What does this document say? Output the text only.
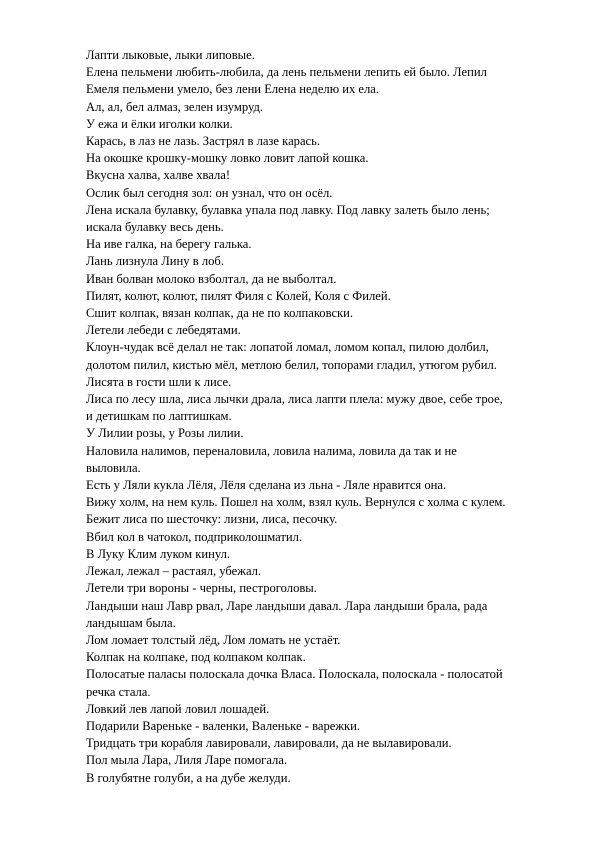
Лапти лыковые, лыки липовые.
Елена пельмени любить-любила, да лень пельмени лепить ей было. Лепил
Емеля пельмени умело, без лени Елена неделю их ела.
Ал, ал, бел алмаз, зелен изумруд.
У ежа и ёлки иголки колки.
Карась, в лаз не лазь. Застрял в лазе карась.
На окошке крошку-мошку ловко ловит лапой кошка.
Вкусна халва, халве хвала!
Ослик был сегодня зол: он узнал, что он осёл.
Лена искала булавку, булавка упала под лавку. Под лавку залеть было лень;
искала булавку весь день.
На иве галка, на берегу галька.
Лань лизнула Лину в лоб.
Иван болван молоко взболтал, да не выболтал.
Пилят, колют, колют, пилят Филя с Колей, Коля с Филей.
Сшит колпак, вязан колпак, да не по колпаковски.
Летели лебеди с лебедятами.
Клоун-чудак всё делал не так: лопатой ломал, ломом копал, пилою долбил,
долотом пилил, кистью мёл, метлою белил, топорами гладил, утюгом рубил.
Лисята в гости шли к лисе.
Лиса по лесу шла, лиса лычки драла, лиса лапти плела: мужу двое, себе трое,
и детишкам по лаптишкам.
У Лилии розы, у Розы лилии.
Наловила налимов, переналовила, ловила налима, ловила да так и не
выловила.
Есть у Ляли кукла Лёля, Лёля сделана из льна - Ляле нравится она.
Вижу холм, на нем куль. Пошел на холм, взял куль. Вернулся с холма с кулем.
Бежит лиса по шесточку: лизни, лиса, песочку.
Вбил кол в чатокол, подприколошматил.
В Луку Клим луком кинул.
Лежал, лежал – растаял, убежал.
Летели три вороны - черны, пестроголовы.
Ландыши наш Лавр рвал, Ларе ландыши давал. Лара ландыши брала, рада
ландышам была.
Лом ломает толстый лёд, Лом ломать не устаёт.
Колпак на колпаке, под колпаком колпак.
Полосатые паласы полоскала дочка Власа. Полоскала, полоскала - полосатой
речка стала.
Ловкий лев лапой ловил лошадей.
Подарили Вареньке - валенки, Валеньке - варежки.
Тридцать три корабля лавировали, лавировали, да не вылавировали.
Пол мыла Лара, Лиля Ларе помогала.
В голубятне голуби, а на дубе желуди.
